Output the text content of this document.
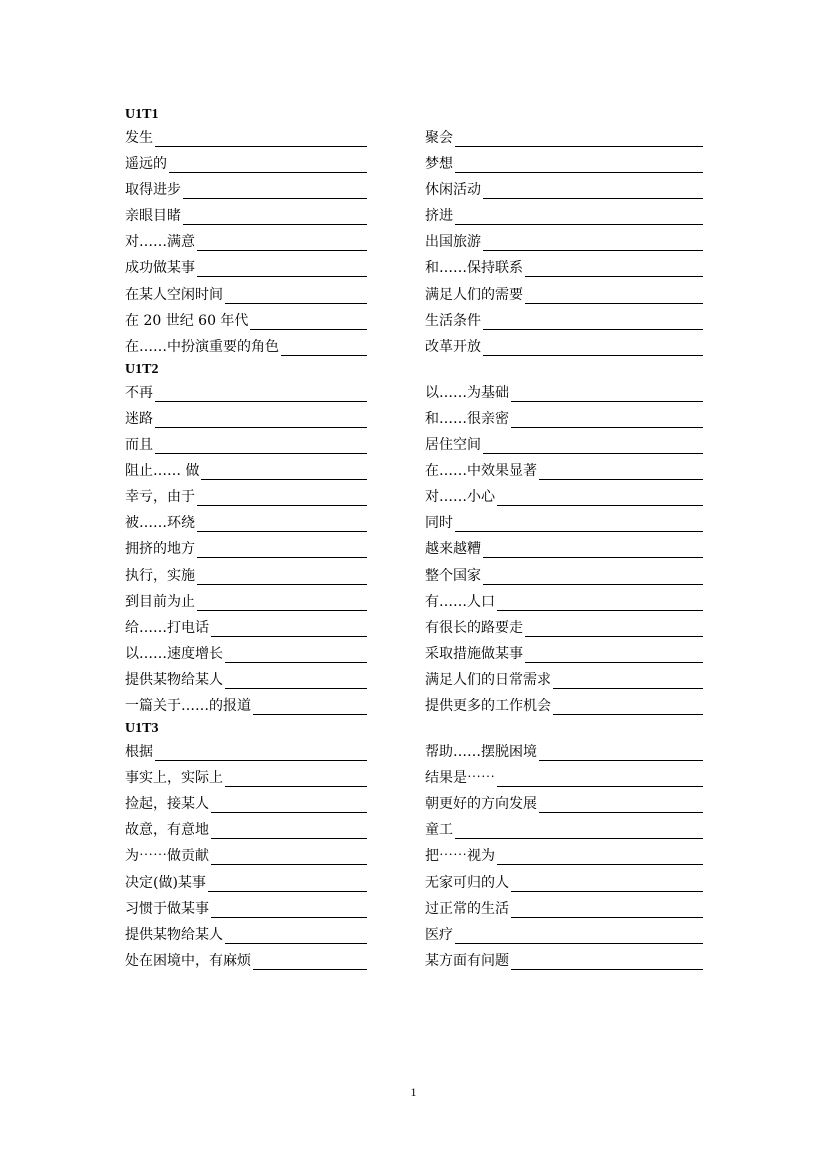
U1T1
发生	聚会
遥远的	梦想
取得进步	休闲活动
亲眼目睹	挤进
对……满意	出国旅游
成功做某事	和……保持联系
在某人空闲时间	满足人们的需要
在 20 世纪 60 年代	生活条件
在……中扮演重要的角色	改革开放
U1T2
不再	以……为基础
迷路	和……很亲密
而且	居住空间
阻止…… 做	在……中效果显著
幸亏，由于	对……小心
被……环绕	同时
拥挤的地方	越来越糟
执行，实施	整个国家
到目前为止	有……人口
给……打电话	有很长的路要走
以……速度增长	采取措施做某事
提供某物给某人	满足人们的日常需求
一篇关于……的报道	提供更多的工作机会
U1T3
根据	帮助……摆脱困境
事实上，实际上	结果是⋯⋯
捡起，接某人	朝更好的方向发展
故意，有意地	童工
为⋯⋯做贡献	把⋯⋯视为
决定(做)某事	无家可归的人
习惯于做某事	过正常的生活
提供某物给某人	医疗
处在困境中，有麻烦	某方面有问题
1
